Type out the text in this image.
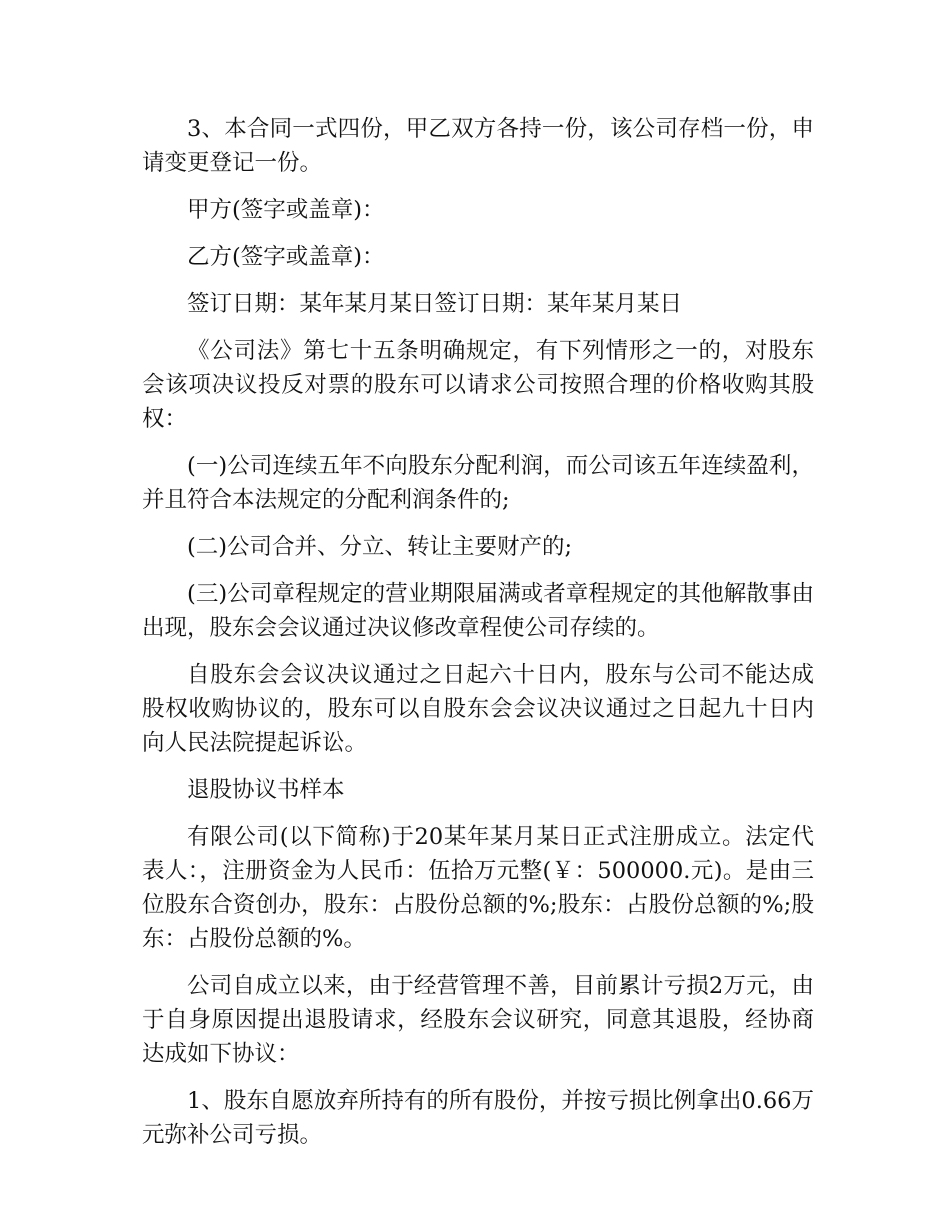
3、本合同一式四份，甲乙双方各持一份，该公司存档一份，申请变更登记一份。

甲方(签字或盖章)：

乙方(签字或盖章)：

签订日期：某年某月某日签订日期：某年某月某日

《公司法》第七十五条明确规定，有下列情形之一的，对股东会该项决议投反对票的股东可以请求公司按照合理的价格收购其股权：

(一)公司连续五年不向股东分配利润，而公司该五年连续盈利，并且符合本法规定的分配利润条件的;

(二)公司合并、分立、转让主要财产的;

(三)公司章程规定的营业期限届满或者章程规定的其他解散事由出现，股东会会议通过决议修改章程使公司存续的。

自股东会会议决议通过之日起六十日内，股东与公司不能达成股权收购协议的，股东可以自股东会会议决议通过之日起九十日内向人民法院提起诉讼。

退股协议书样本

有限公司(以下简称)于20某年某月某日正式注册成立。法定代表人：，注册资金为人民币：伍拾万元整(￥：500000.元)。是由三位股东合资创办，股东：占股份总额的%;股东：占股份总额的%;股东：占股份总额的%。

公司自成立以来，由于经营管理不善，目前累计亏损2万元，由于自身原因提出退股请求，经股东会议研究，同意其退股，经协商达成如下协议：

1、股东自愿放弃所持有的所有股份，并按亏损比例拿出0.66万元弥补公司亏损。
